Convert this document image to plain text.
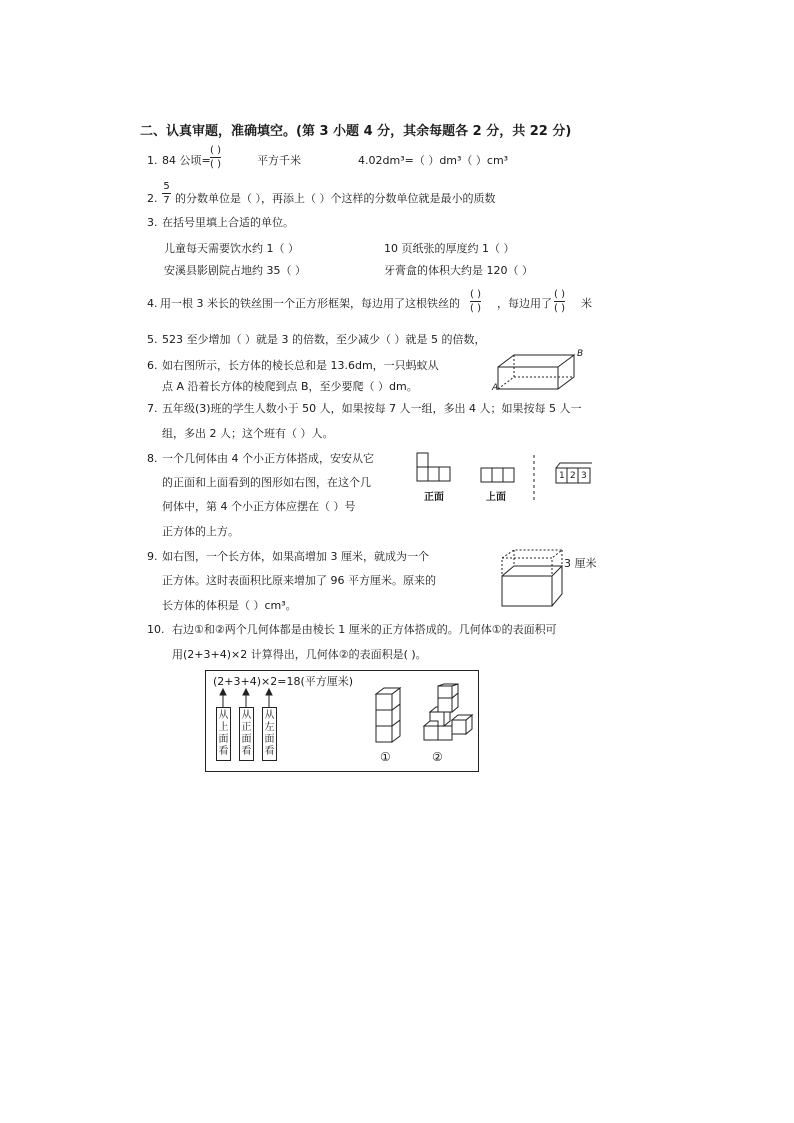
二、认真审题，准确填空。(第 3 小题 4 分，其余每题各 2 分，共 22 分)
1. 84 公顷=
( )
( )	平方千米	4.02dm³=（ ）dm³（ ）cm³
2.
5
7 的分数单位是（ ），再添上（ ）个这样的分数单位就是最小的质数
3. 在括号里填上合适的单位。
儿童每天需要饮水约 1（ ）	10 页纸张的厚度约 1（ ）
安溪县影剧院占地约 35（ ）	牙膏盒的体积大约是 120（ ）
4. 用一根 3 米长的铁丝围一个正方形框架，每边用了这根铁丝的
( )
( ) ，每边用了
( )
( ) 米
5. 523 至少增加（ ）就是 3 的倍数，至少减少（ ）就是 5 的倍数，
6. 如右图所示，长方体的棱长总和是 13.6dm，一只蚂蚁从
点 A 沿着长方体的棱爬到点 B，至少要爬（ ）dm。	A
B
7. 五年级(3)班的学生人数小于 50 人，如果按每 7 人一组，多出 4 人；如果按每 5 人一
组，多出 2 人；这个班有（ ）人。
8. 一个几何体由 4 个小正方体搭成，安安从它
的正面和上面看到的图形如右图，在这个几
何体中，第 4 个小正方体应摆在（ ）号
正方体的上方。
正面	上面
1 2 3
9. 如右图，一个长方体，如果高增加 3 厘米，就成为一个
正方体。这时表面积比原来增加了 96 平方厘米。原来的
长方体的体积是（ ）cm³。
3 厘米
10. 右边①和②两个几何体都是由棱长 1 厘米的正方体搭成的。几何体①的表面积可
用(2+3+4)×2 计算得出，几何体②的表面积是( )。
(2+3+4)×2=18(平方厘米)
从上面看
从正面看
从左面看	①	②
